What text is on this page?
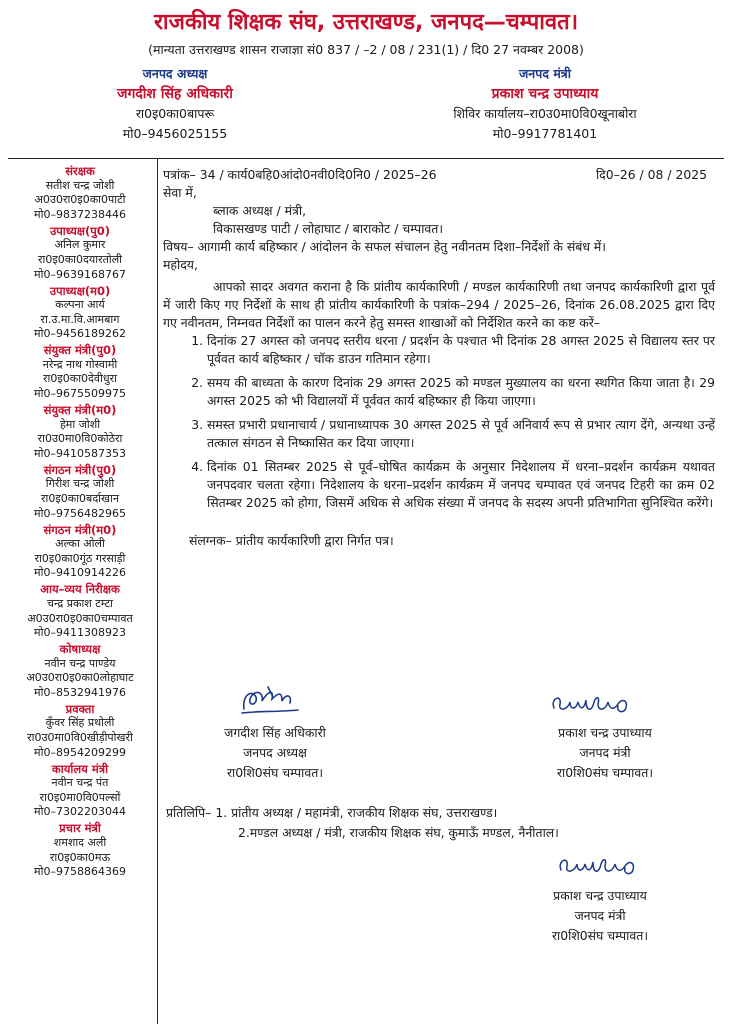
राजकीय शिक्षक संघ, उत्तराखण्ड, जनपद—चम्पावत।
(मान्यता उत्तराखण्ड शासन राजाज्ञा सं0 837 / –2 / 08 / 231(1) / दि0 27 नवम्बर 2008)
जनपद अध्यक्ष
जगदीश सिंह अधिकारी
रा0इ0का0बापरू
मो0–9456025155
जनपद मंत्री
प्रकाश चन्द्र उपाध्याय
शिविर कार्यालय–रा0उ0मा0वि0खूनाबोरा
मो0–9917781401
संरक्षक
सतीश चन्द्र जोशी
अ0उ0रा0इ0का0पाटी
मो0–9837238446
उपाध्यक्ष(पु0)
अनिल कुमार
रा0इ0का0दयारतोली
मो0–9639168767
उपाध्यक्ष(म0)
कल्पना आर्य
रा.उ.मा.वि.आमबाग
मो0–9456189262
संयुक्त मंत्री(पु0)
नरेन्द्र नाथ गोस्वामी
रा0इ0का0देवीधुरा
मो0–9675509975
संयुक्त मंत्री(म0)
हेमा जोशी
रा0उ0मा0वि0कोठेरा
मो0–9410587353
संगठन मंत्री(पु0)
गिरीश चन्द्र जोशी
रा0इ0का0बर्दाखान
मो0–9756482965
संगठन मंत्री(म0)
अल्का ओली
रा0इ0का0गूंठ गरसाड़ी
मो0–9410914226
आय–व्यय निरीक्षक
चन्द्र प्रकाश टम्टा
अ0उ0रा0इ0का0चम्पावत
मो0–9411308923
कोषाध्यक्ष
नवीन चन्द्र पाण्डेय
अ0उ0रा0इ0का0लोहाघाट
मो0–8532941976
प्रवक्ता
कुँवर सिंह प्रथोली
रा0उ0मा0वि0खीड़ीपोखरी
मो0–8954209299
कार्यालय मंत्री
नवीन चन्द्र पंत
रा0इ0मा0वि0पल्सों
मो0–7302203044
प्रचार मंत्री
शमशाद अली
रा0इ0का0मऊ
मो0–9758864369
पत्रांक– 34 / कार्य0बहि0आंदो0नवी0दि0नि0 / 2025–26	दि0–26 / 08 / 2025
सेवा में,
ब्लाक अध्यक्ष / मंत्री,
विकासखण्ड पाटी / लोहाघाट / बाराकोट / चम्पावत।
विषय– आगामी कार्य बहिष्कार / आंदोलन के सफल संचालन हेतु नवीनतम दिशा–निर्देशों के संबंध में।
महोदय,
आपको सादर अवगत कराना है कि प्रांतीय कार्यकारिणी / मण्डल कार्यकारिणी तथा जनपद कार्यकारिणी द्वारा पूर्व में जारी किए गए निर्देशों के साथ ही प्रांतीय कार्यकारिणी के पत्रांक–294 / 2025–26, दिनांक 26.08.2025 द्वारा दिए गए नवीनतम, निम्नवत निर्देशों का पालन करने हेतु समस्त शाखाओं को निर्देशित करने का कष्ट करें–
1. दिनांक 27 अगस्त को जनपद स्तरीय धरना / प्रदर्शन के पश्चात भी दिनांक 28 अगस्त 2025 से विद्यालय स्तर पर पूर्ववत कार्य बहिष्कार / चॉक डाउन गतिमान रहेगा।
2. समय की बाध्यता के कारण दिनांक 29 अगस्त 2025 को मण्डल मुख्यालय का धरना स्थगित किया जाता है। 29 अगस्त 2025 को भी विद्यालयों में पूर्ववत कार्य बहिष्कार ही किया जाएगा।
3. समस्त प्रभारी प्रधानाचार्य / प्रधानाध्यापक 30 अगस्त 2025 से पूर्व अनिवार्य रूप से प्रभार त्याग देंगे, अन्यथा उन्हें तत्काल संगठन से निष्कासित कर दिया जाएगा।
4. दिनांक 01 सितम्बर 2025 से पूर्व–घोषित कार्यक्रम के अनुसार निदेशालय में धरना–प्रदर्शन कार्यक्रम यथावत जनपदवार चलता रहेगा। निदेशालय के धरना–प्रदर्शन कार्यक्रम में जनपद चम्पावत एवं जनपद टिहरी का क्रम 02 सितम्बर 2025 को होगा, जिसमें अधिक से अधिक संख्या में जनपद के सदस्य अपनी प्रतिभागिता सुनिश्चित करेंगे।
संलग्नक– प्रांतीय कार्यकारिणी द्वारा निर्गत पत्र।
जगदीश सिंह अधिकारी
जनपद अध्यक्ष
रा0शि0संघ चम्पावत।
प्रकाश चन्द्र उपाध्याय
जनपद मंत्री
रा0शि0संघ चम्पावत।
प्रतिलिपि– 1. प्रांतीय अध्यक्ष / महामंत्री, राजकीय शिक्षक संघ, उत्तराखण्ड।
2.मण्डल अध्यक्ष / मंत्री, राजकीय शिक्षक संघ, कुमाऊँ मण्डल, नैनीताल।
प्रकाश चन्द्र उपाध्याय
जनपद मंत्री
रा0शि0संघ चम्पावत।
